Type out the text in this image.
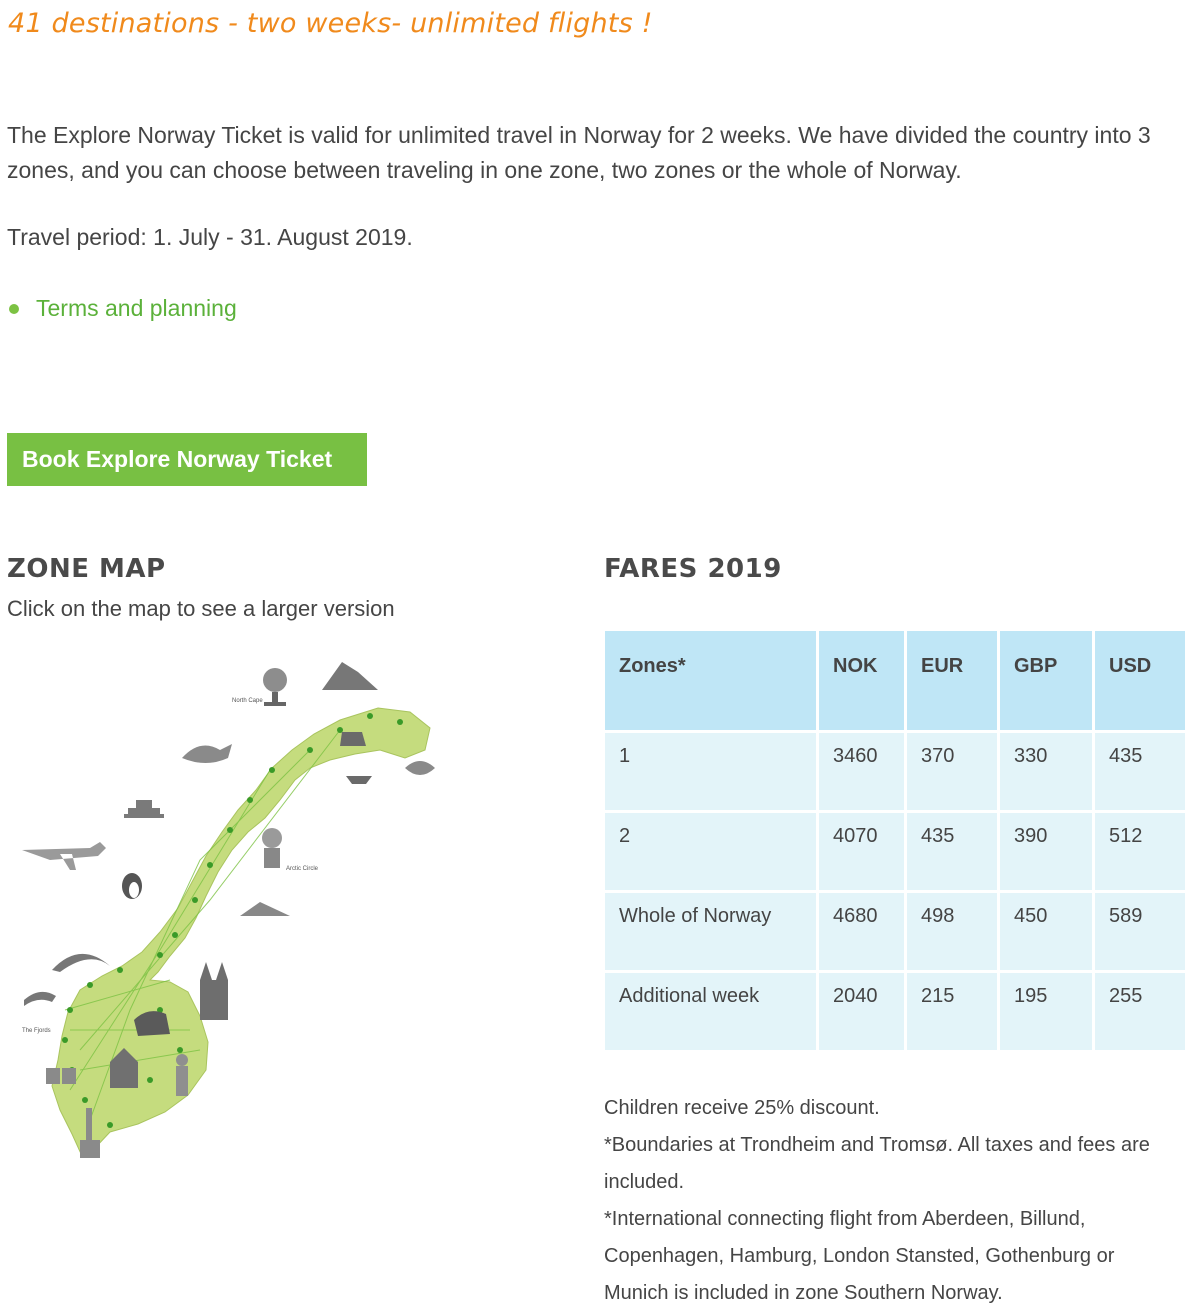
41 destinations - two weeks- unlimited flights !
The Explore Norway Ticket is valid for unlimited travel in Norway for 2 weeks. We have divided the country into 3 zones, and you can choose between traveling in one zone, two zones or the whole of Norway.
Travel period: 1. July - 31. August 2019.
Terms and planning
Book Explore Norway Ticket
ZONE MAP
Click on the map to see a larger version
North Cape
Arctic Circle
The Fjords
FARES 2019
Zones*	NOK	EUR	GBP	USD
1	3460	370	330	435
2	4070	435	390	512
Whole of Norway	4680	498	450	589
Additional week	2040	215	195	255

Children receive 25% discount.

*Boundaries at Trondheim and Tromsø. All taxes and fees are included.

*International connecting flight from Aberdeen, Billund, Copenhagen, Hamburg, London Stansted, Gothenburg or Munich is included in zone Southern Norway.
